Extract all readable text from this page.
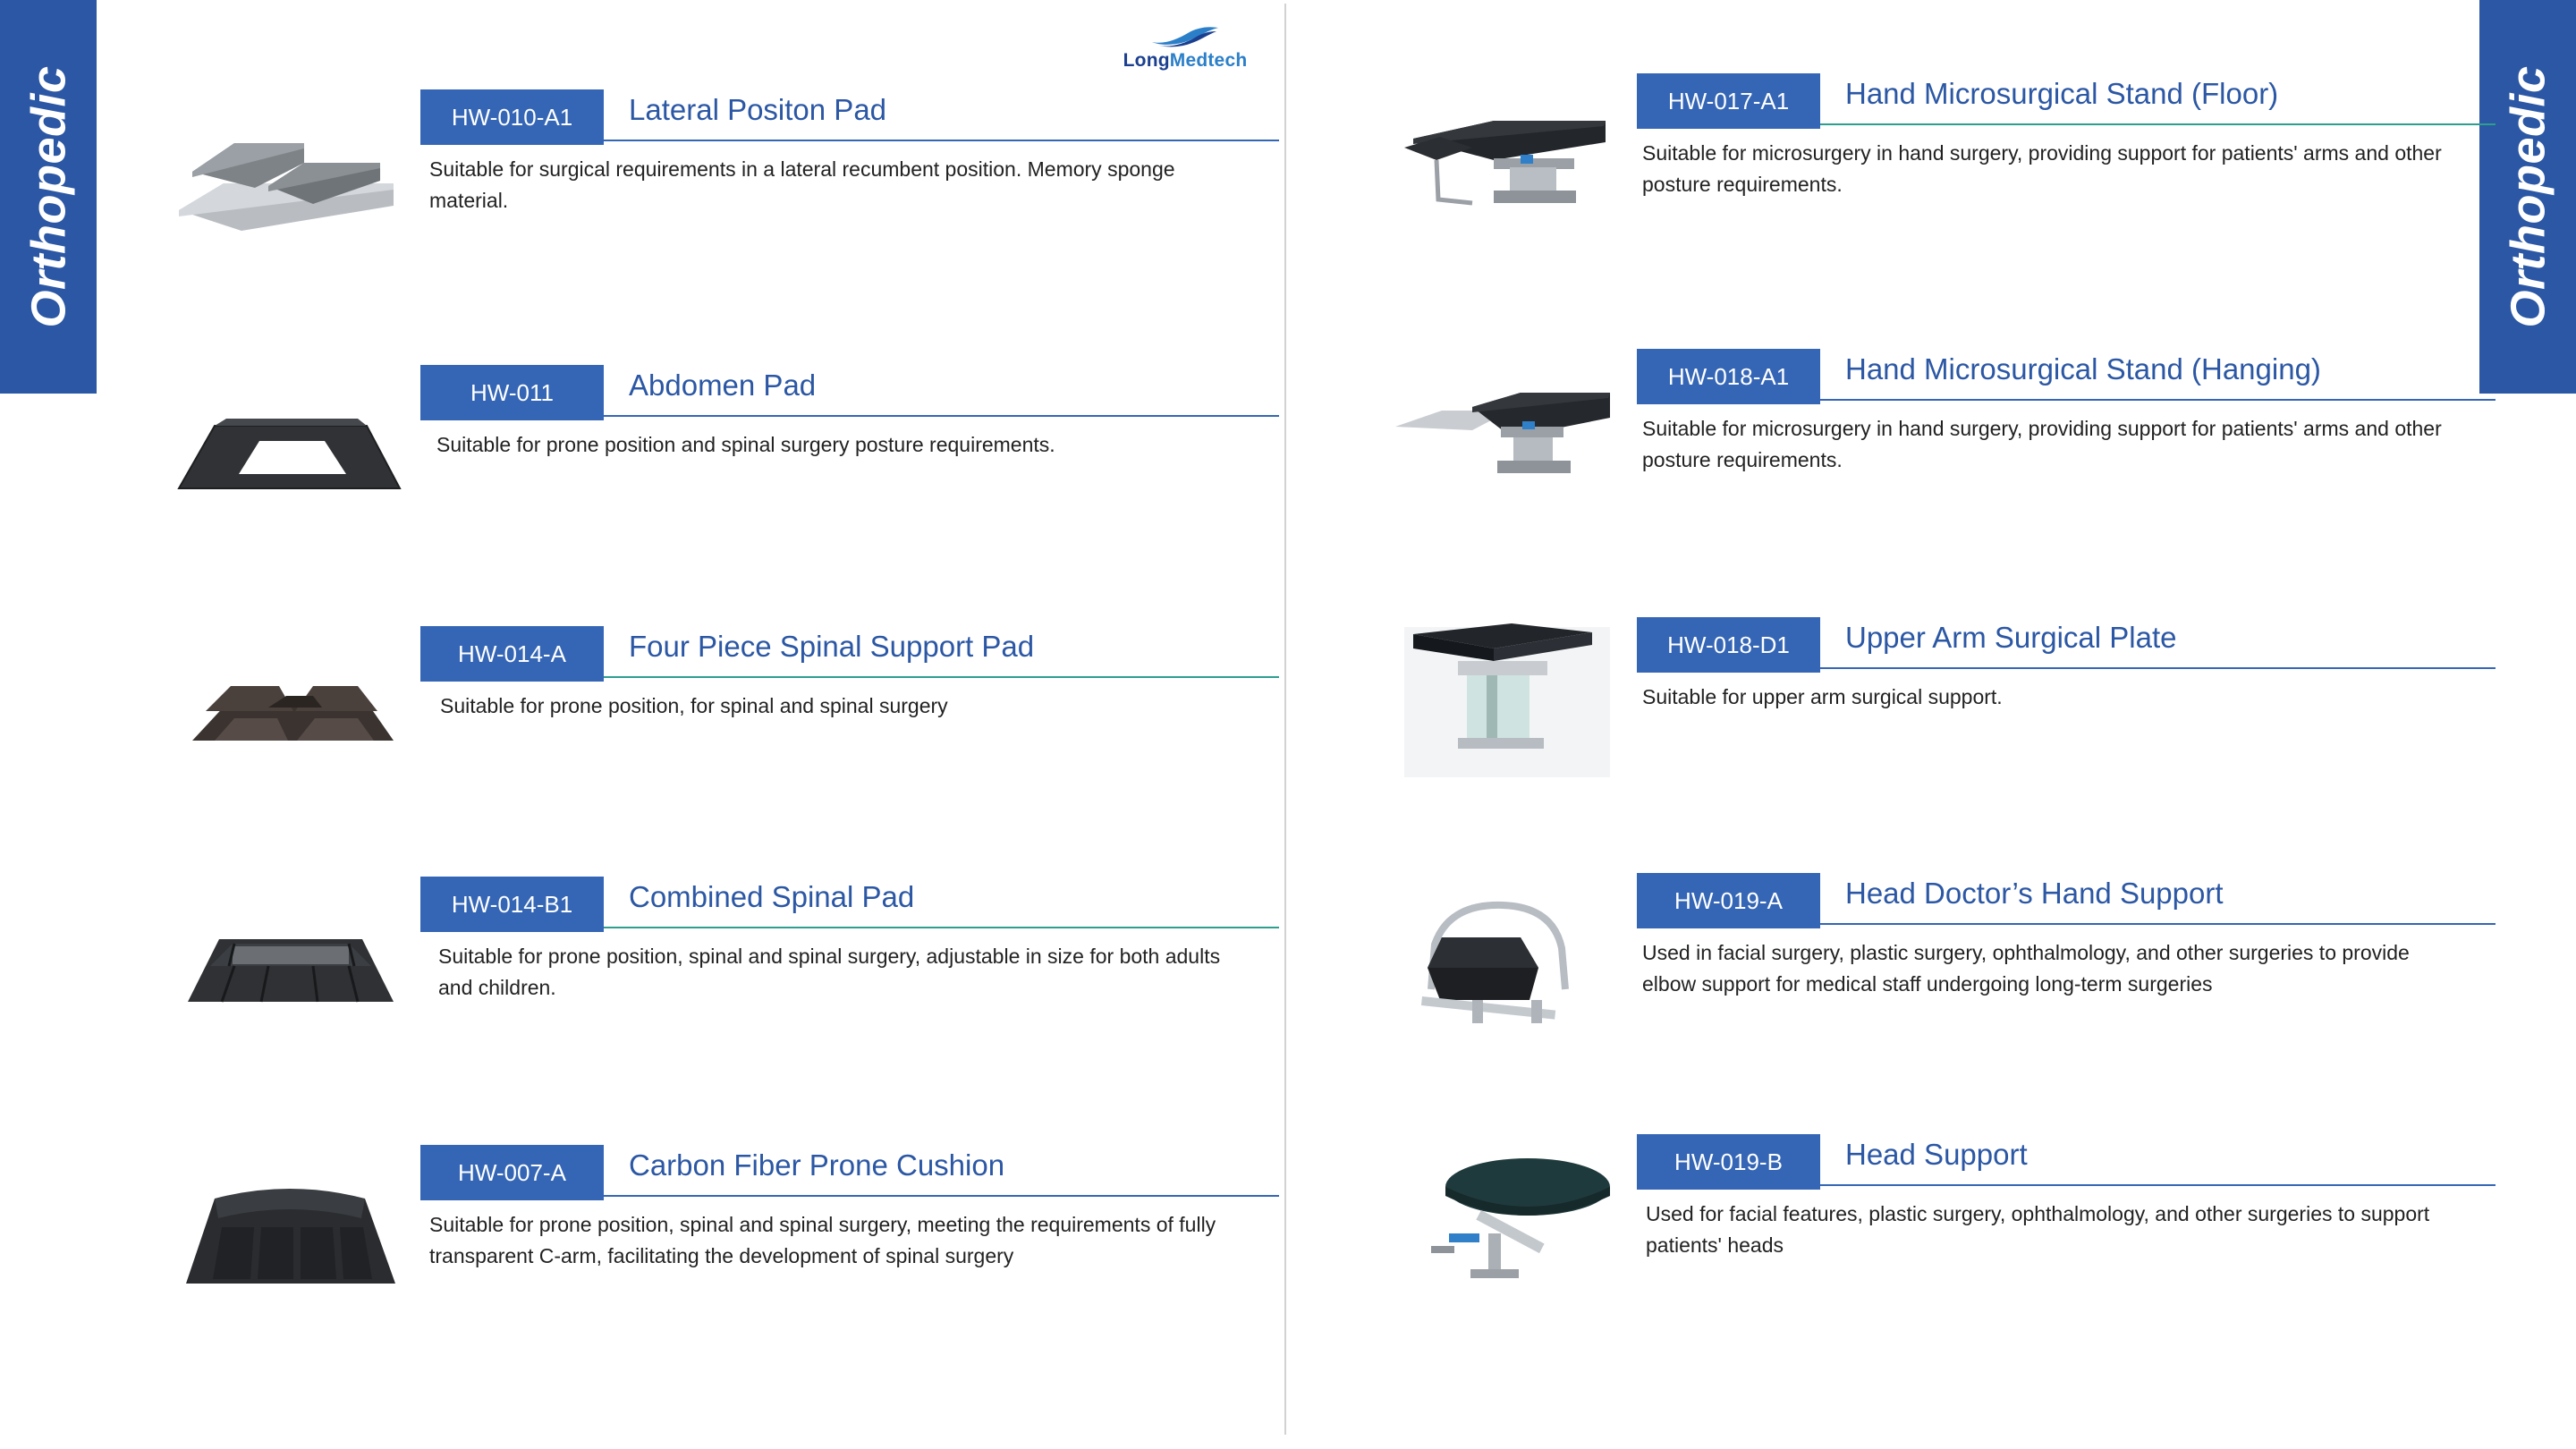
Orthopedic	Orthopedic
LongMedtech
HW-010-A1	Lateral Positon Pad
Suitable for surgical requirements in a lateral recumbent position. Memory sponge material.
HW-011	Abdomen Pad
Suitable for prone position and spinal surgery posture requirements.
HW-014-A	Four Piece Spinal Support Pad
Suitable for prone position, for spinal and spinal surgery
HW-014-B1	Combined Spinal Pad
Suitable for prone position, spinal and spinal surgery, adjustable in size for both adults and children.
HW-007-A	Carbon Fiber Prone Cushion
Suitable for prone position, spinal and spinal surgery, meeting the requirements of fully transparent C-arm, facilitating the development of spinal surgery
HW-017-A1	Hand Microsurgical Stand (Floor)
Suitable for microsurgery in hand surgery, providing support for patients' arms and other posture requirements.
HW-018-A1	Hand Microsurgical Stand (Hanging)
Suitable for microsurgery in hand surgery, providing support for patients' arms and other posture requirements.
HW-018-D1	Upper Arm Surgical Plate
Suitable for upper arm surgical support.
HW-019-A	Head Doctor’s Hand Support
Used in facial surgery, plastic surgery, ophthalmology, and other surgeries to provide elbow support for medical staff undergoing long-term surgeries
HW-019-B	Head Support
Used for facial features, plastic surgery, ophthalmology, and other surgeries to support patients' heads
